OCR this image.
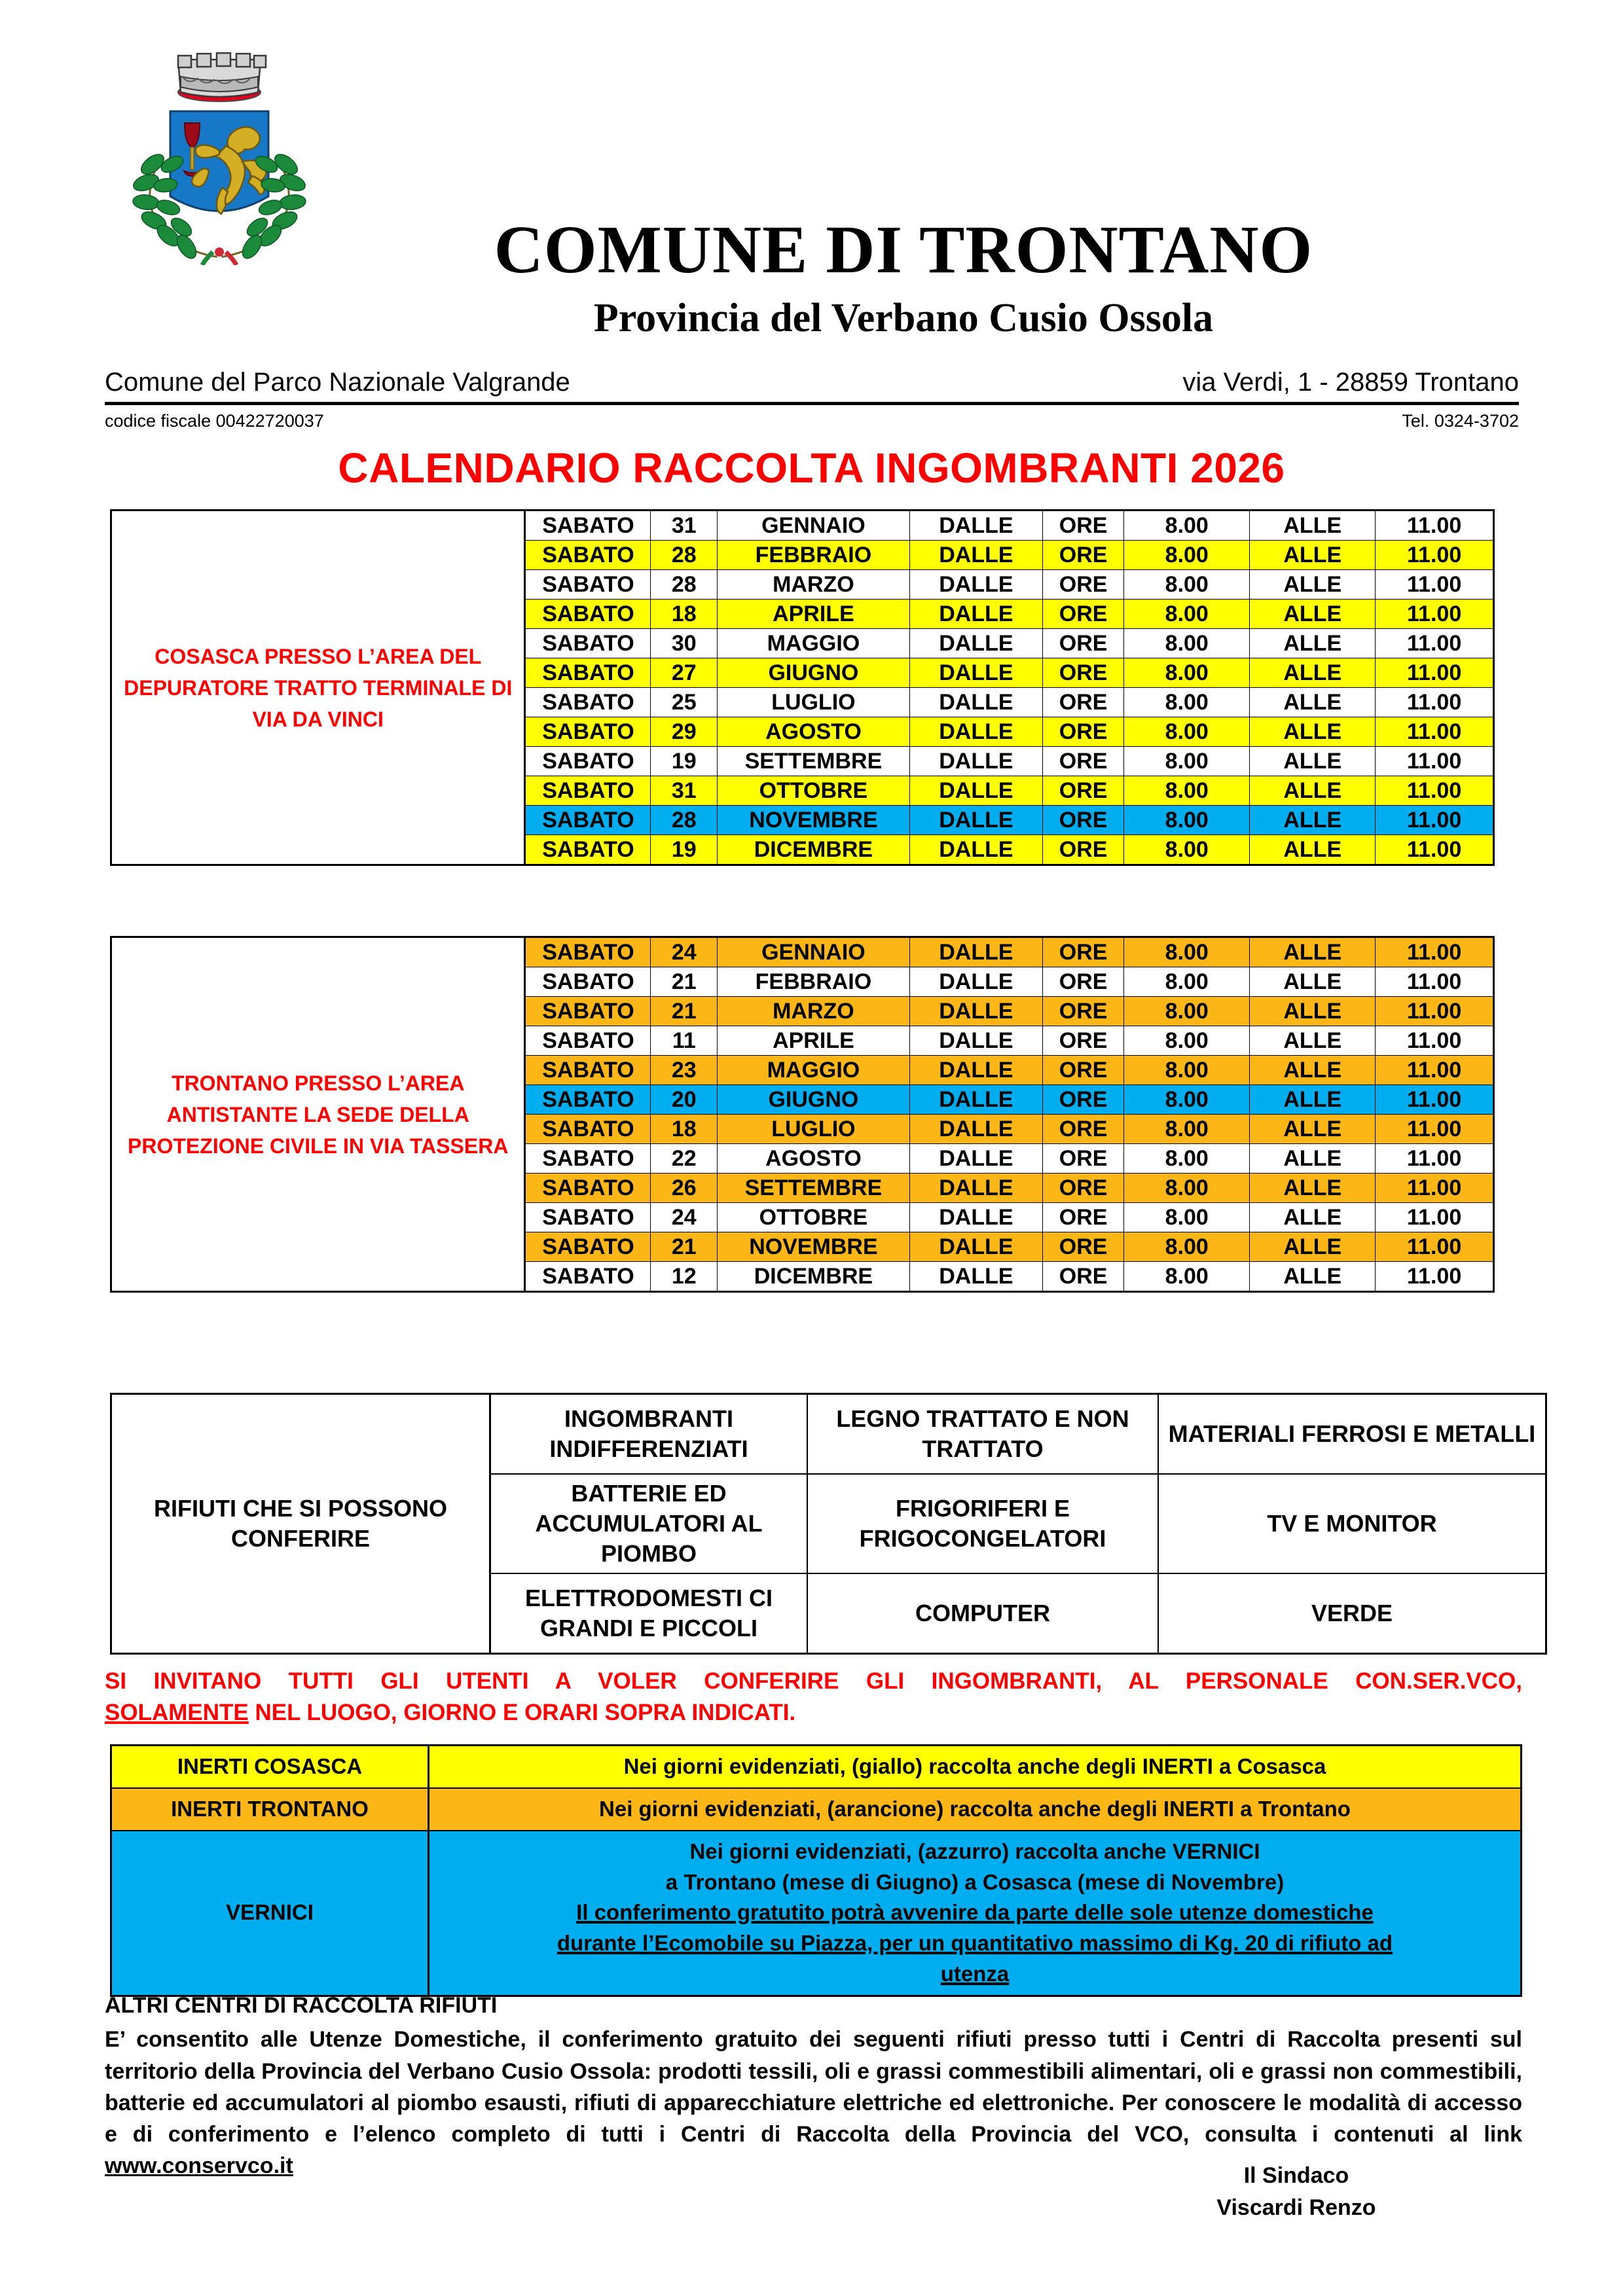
COMUNE DI TRONTANO
Provincia del Verbano Cusio Ossola
Comune del Parco Nazionale Valgrande	via Verdi, 1 - 28859 Trontano
codice fiscale 00422720037	Tel. 0324-3702
CALENDARIO RACCOLTA INGOMBRANTI 2026
COSASCA PRESSO L’AREA DEL DEPURATORE TRATTO TERMINALE DI VIA DA VINCI	SABATO	31	GENNAIO	DALLE	ORE	8.00	ALLE	11.00
	SABATO	28	FEBBRAIO	DALLE	ORE	8.00	ALLE	11.00
	SABATO	28	MARZO	DALLE	ORE	8.00	ALLE	11.00
	SABATO	18	APRILE	DALLE	ORE	8.00	ALLE	11.00
	SABATO	30	MAGGIO	DALLE	ORE	8.00	ALLE	11.00
	SABATO	27	GIUGNO	DALLE	ORE	8.00	ALLE	11.00
	SABATO	25	LUGLIO	DALLE	ORE	8.00	ALLE	11.00
	SABATO	29	AGOSTO	DALLE	ORE	8.00	ALLE	11.00
	SABATO	19	SETTEMBRE	DALLE	ORE	8.00	ALLE	11.00
	SABATO	31	OTTOBRE	DALLE	ORE	8.00	ALLE	11.00
	SABATO	28	NOVEMBRE	DALLE	ORE	8.00	ALLE	11.00
	SABATO	19	DICEMBRE	DALLE	ORE	8.00	ALLE	11.00
TRONTANO PRESSO L’AREA ANTISTANTE LA SEDE DELLA PROTEZIONE CIVILE IN VIA TASSERA	SABATO	24	GENNAIO	DALLE	ORE	8.00	ALLE	11.00
	SABATO	21	FEBBRAIO	DALLE	ORE	8.00	ALLE	11.00
	SABATO	21	MARZO	DALLE	ORE	8.00	ALLE	11.00
	SABATO	11	APRILE	DALLE	ORE	8.00	ALLE	11.00
	SABATO	23	MAGGIO	DALLE	ORE	8.00	ALLE	11.00
	SABATO	20	GIUGNO	DALLE	ORE	8.00	ALLE	11.00
	SABATO	18	LUGLIO	DALLE	ORE	8.00	ALLE	11.00
	SABATO	22	AGOSTO	DALLE	ORE	8.00	ALLE	11.00
	SABATO	26	SETTEMBRE	DALLE	ORE	8.00	ALLE	11.00
	SABATO	24	OTTOBRE	DALLE	ORE	8.00	ALLE	11.00
	SABATO	21	NOVEMBRE	DALLE	ORE	8.00	ALLE	11.00
	SABATO	12	DICEMBRE	DALLE	ORE	8.00	ALLE	11.00
RIFIUTI CHE SI POSSONO CONFERIRE	INGOMBRANTI INDIFFERENZIATI	LEGNO TRATTATO E NON TRATTATO	MATERIALI FERROSI E METALLI
	BATTERIE ED ACCUMULATORI AL PIOMBO	FRIGORIFERI E FRIGOCONGELATORI	TV E MONITOR
	ELETTRODOMESTI CI GRANDI E PICCOLI	COMPUTER	VERDE
SI INVITANO TUTTI GLI UTENTI A VOLER CONFERIRE GLI INGOMBRANTI, AL PERSONALE CON.SER.VCO,
SOLAMENTE NEL LUOGO, GIORNO E ORARI SOPRA INDICATI.
INERTI COSASCA	Nei giorni evidenziati, (giallo) raccolta anche degli INERTI a Cosasca
INERTI TRONTANO	Nei giorni evidenziati, (arancione) raccolta anche degli INERTI a Trontano
VERNICI	Nei giorni evidenziati, (azzurro) raccolta anche VERNICI
a Trontano (mese di Giugno) a Cosasca (mese di Novembre)
Il conferimento gratutito potrà avvenire da parte delle sole utenze domestiche
durante l’Ecomobile su Piazza, per un quantitativo massimo di Kg. 20 di rifiuto ad
utenza
ALTRI CENTRI DI RACCOLTA RIFIUTI
E’ consentito alle Utenze Domestiche, il conferimento gratuito dei seguenti rifiuti presso tutti i Centri di Raccolta presenti sul territorio della Provincia del Verbano Cusio Ossola: prodotti tessili, oli e grassi commestibili alimentari, oli e grassi non commestibili, batterie ed accumulatori al piombo esausti, rifiuti di apparecchiature elettriche ed elettroniche. Per conoscere le modalità di accesso e di conferimento e l’elenco completo di tutti i Centri di Raccolta della Provincia del VCO, consulta i contenuti al link www.conservco.it	Il Sindaco
Viscardi Renzo
